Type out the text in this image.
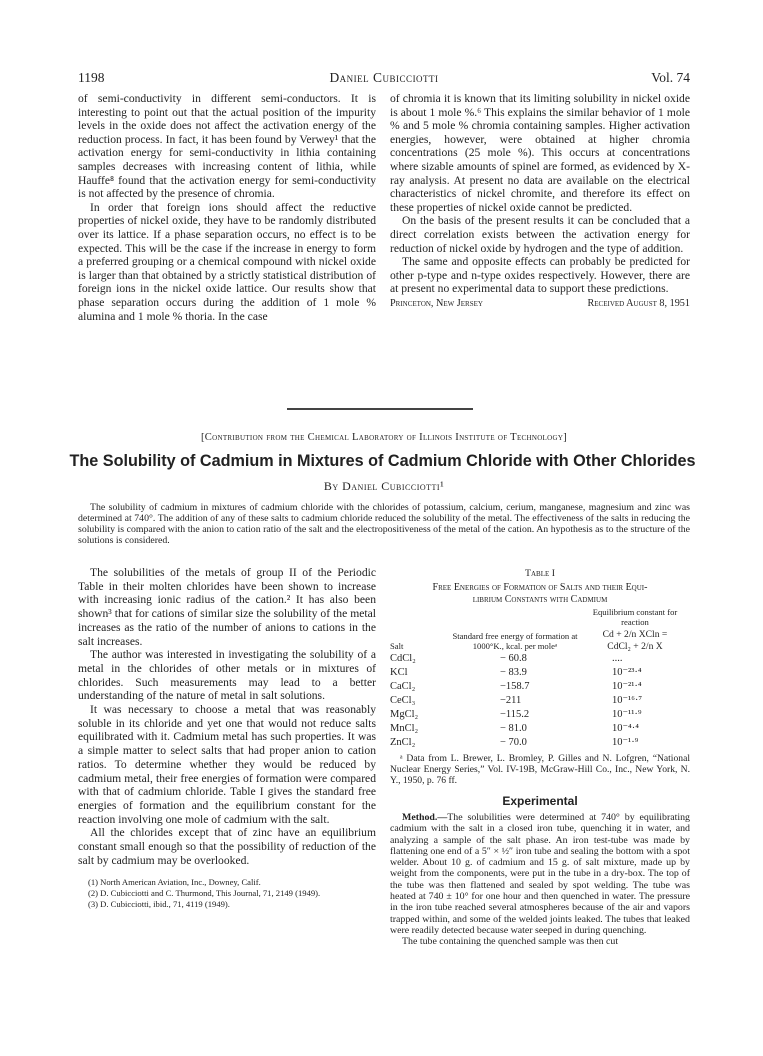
1198	Daniel Cubicciotti	Vol. 74

of semi-conductivity in different semi-conductors. It is interesting to point out that the actual position of the impurity levels in the oxide does not affect the activation energy of the reduction process. In fact, it has been found by Verwey¹ that the activation energy for semi-conductivity in lithia containing samples decreases with increasing content of lithia, while Hauffe⁸ found that the activation energy for semi-conductivity is not affected by the presence of chromia.

In order that foreign ions should affect the reductive properties of nickel oxide, they have to be randomly distributed over its lattice. If a phase separation occurs, no effect is to be expected. This will be the case if the increase in energy to form a preferred grouping or a chemical compound with nickel oxide is larger than that obtained by a strictly statistical distribution of foreign ions in the nickel oxide lattice. Our results show that phase separation occurs during the addition of 1 mole % alumina and 1 mole % thoria. In the case

of chromia it is known that its limiting solubility in nickel oxide is about 1 mole %.⁶ This explains the similar behavior of 1 mole % and 5 mole % chromia containing samples. Higher activation energies, however, were obtained at higher chromia concentrations (25 mole %). This occurs at concentrations where sizable amounts of spinel are formed, as evidenced by X-ray analysis. At present no data are available on the electrical characteristics of nickel chromite, and therefore its effect on these properties of nickel oxide cannot be predicted.

On the basis of the present results it can be concluded that a direct correlation exists between the activation energy for reduction of nickel oxide by hydrogen and the type of addition.

The same and opposite effects can probably be predicted for other p-type and n-type oxides respectively. However, there are at present no experimental data to support these predictions.

Princeton, New Jersey	Received August 8, 1951
[Contribution from the Chemical Laboratory of Illinois Institute of Technology]
The Solubility of Cadmium in Mixtures of Cadmium Chloride with Other Chlorides
By Daniel Cubicciotti¹

The solubility of cadmium in mixtures of cadmium chloride with the chlorides of potassium, calcium, cerium, manganese, magnesium and zinc was determined at 740°. The addition of any of these salts to cadmium chloride reduced the solubility of the metal. The effectiveness of the salts in reducing the solubility is compared with the anion to cation ratio of the salt and the electropositiveness of the metal of the cation. An hypothesis as to the structure of the solutions is considered.

The solubilities of the metals of group II of the Periodic Table in their molten chlorides have been shown to increase with increasing ionic radius of the cation.² It has also been shown³ that for cations of similar size the solubility of the metal increases as the ratio of the number of anions to cations in the salt increases.

The author was interested in investigating the solubility of a metal in the chlorides of other metals or in mixtures of chlorides. Such measurements may lead to a better understanding of the nature of metal in salt solutions.

It was necessary to choose a metal that was reasonably soluble in its chloride and yet one that would not reduce salts equilibrated with it. Cadmium metal has such properties. It was a simple matter to select salts that had proper anion to cation ratios. To determine whether they would be reduced by cadmium metal, their free energies of formation were compared with that of cadmium chloride. Table I gives the standard free energies of formation and the equilibrium constant for the reaction involving one mole of cadmium with the salt.

All the chlorides except that of zinc have an equilibrium constant small enough so that the possibility of reduction of the salt by cadmium may be overlooked.

(1) North American Aviation, Inc., Downey, Calif.
(2) D. Cubicciotti and C. Thurmond, This Journal, 71, 2149 (1949).
(3) D. Cubicciotti, ibid., 71, 4119 (1949).
Table I
Free Energies of Formation of Salts and their Equi-
librium Constants with Cadmium
Salt	Standard free energy of formation at 1000°K., kcal. per moleᵃ	Equilibrium constant for reaction
Cd + 2/n XCln =
CdCl₂ + 2/n X

CdCl₂	− 60.8	....
KCl	− 83.9	10⁻²³·⁴
CaCl₂	−158.7	10⁻²¹·⁴
CeCl₃	−211	10⁻¹⁶·⁷
MgCl₂	−115.2	10⁻¹¹·⁹
MnCl₂	− 81.0	10⁻⁴·⁴
ZnCl₂	− 70.0	10⁻¹·⁹
ᵃ Data from L. Brewer, L. Bromley, P. Gilles and N. Lofgren, “National Nuclear Energy Series,” Vol. IV-19B, McGraw-Hill Co., Inc., New York, N. Y., 1950, p. 76 ff.
Experimental

Method.—The solubilities were determined at 740° by equilibrating cadmium with the salt in a closed iron tube, quenching it in water, and analyzing a sample of the salt phase. An iron test-tube was made by flattening one end of a 5″ × ½″ iron tube and sealing the bottom with a spot welder. About 10 g. of cadmium and 15 g. of salt mixture, made up by weight from the components, were put in the tube in a dry-box. The top of the tube was then flattened and sealed by spot welding. The tube was heated at 740 ± 10° for one hour and then quenched in water. The pressure in the iron tube reached several atmospheres because of the air and vapors trapped within, and some of the welded joints leaked. The tubes that leaked were readily detected because water seeped in during quenching.

The tube containing the quenched sample was then cut
